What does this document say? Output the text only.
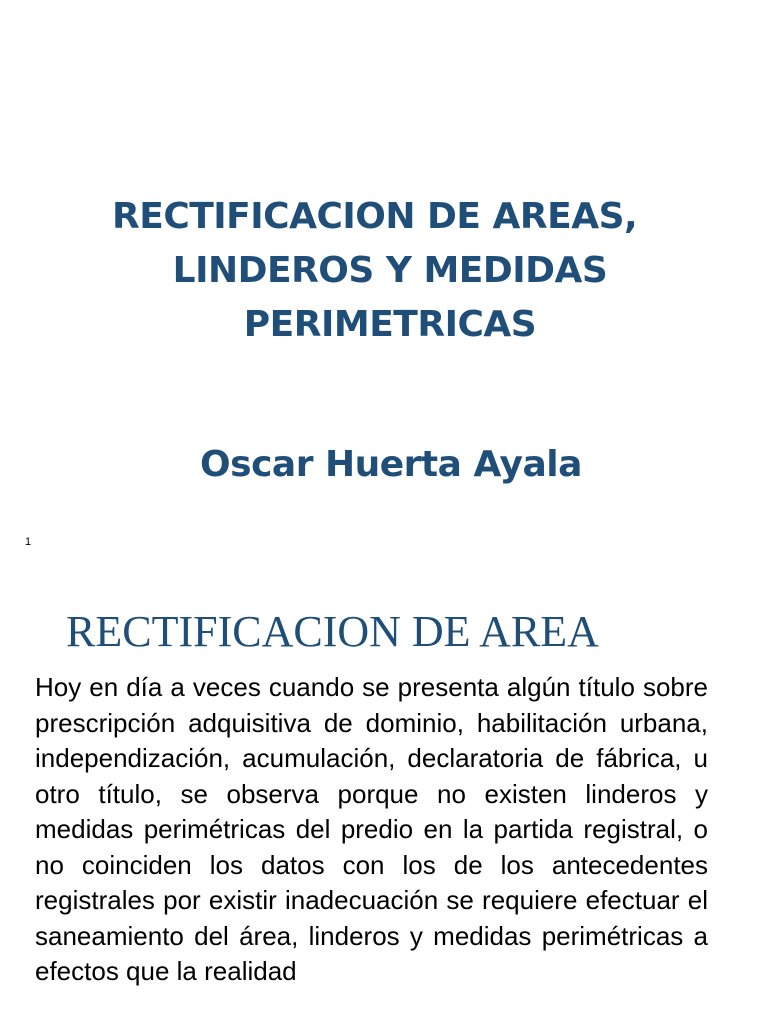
RECTIFICACION DE AREAS,
LINDEROS Y MEDIDAS
PERIMETRICAS
Oscar Huerta Ayala
1
RECTIFICACION DE AREA

Hoy en día a veces cuando se presenta algún título sobre prescripción adquisitiva de dominio, habilitación urbana, independización, acumulación, declaratoria de fábrica, u otro título, se observa porque no existen linderos y medidas perimétricas del predio en la partida registral, o no coinciden los datos con los de los antecedentes registrales por existir inadecuación se requiere efectuar el saneamiento del área, linderos y medidas perimétricas a efectos que la realidad
